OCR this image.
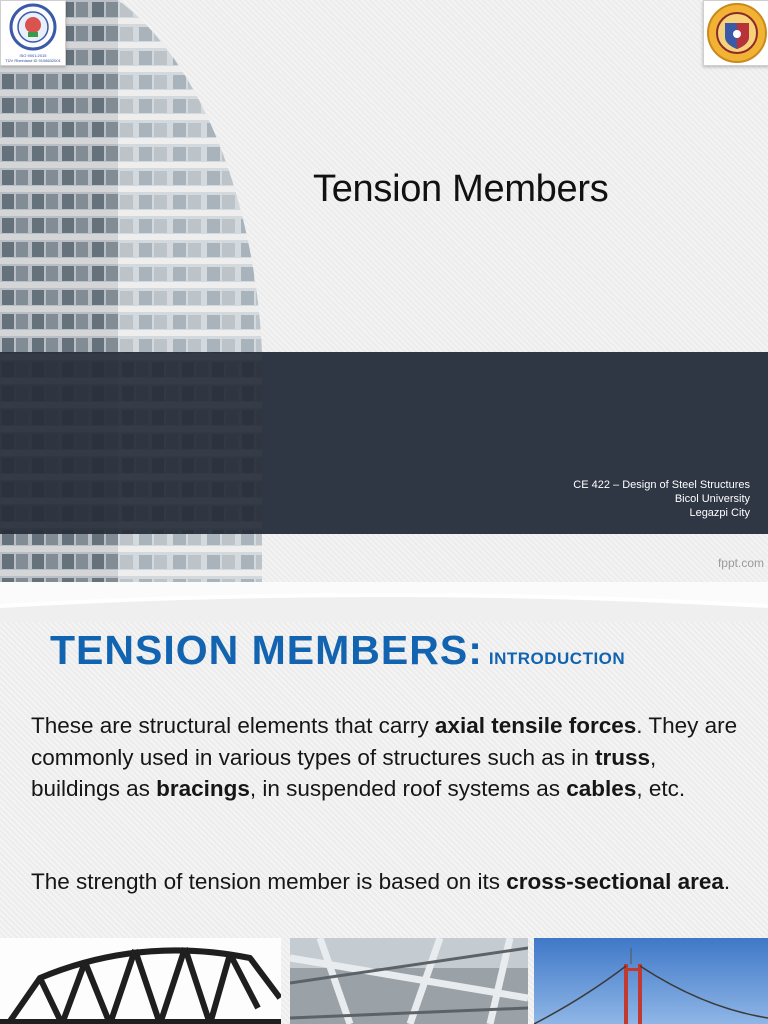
ISO 9001:2015
TÜV Rheinland ID 9108632001
Tension Members
CE 422 – Design of Steel Structures
Bicol University
Legazpi City
fppt.com
TENSION MEMBERS: INTRODUCTION
These are structural elements that carry axial tensile forces. They are commonly used in various types of structures such as in truss, buildings as bracings, in suspended roof systems as cables, etc.
The strength of tension member is based on its cross-sectional area.
